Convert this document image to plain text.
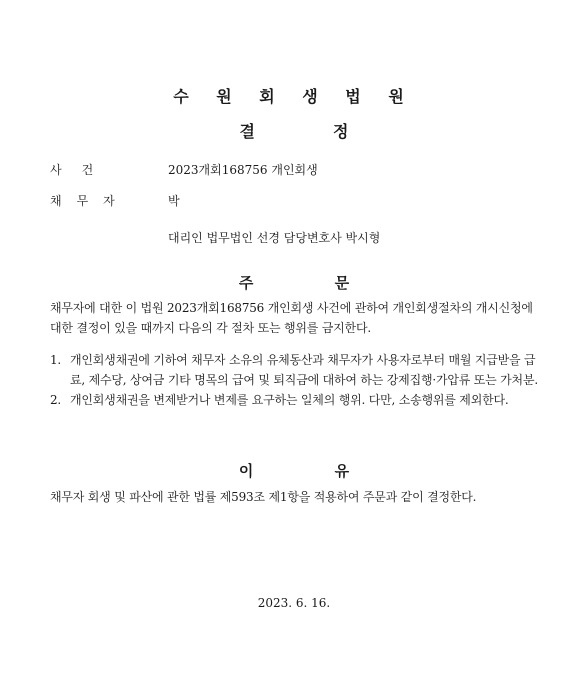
수 원 회 생 법 원
결정
사건	2023개회168756 개인회생
채무자	박
대리인 법무법인 선경 담당변호사 박시형
주 문
채무자에 대한 이 법원 2023개회168756 개인회생 사건에 관하여 개인회생절차의 개시신청에 대한 결정이 있을 때까지 다음의 각 절차 또는 행위를 금지한다.
1. 개인회생채권에 기하여 채무자 소유의 유체동산과 채무자가 사용자로부터 매월 지급받을 급료, 제수당, 상여금 기타 명목의 급여 및 퇴직금에 대하여 하는 강제집행·가압류 또는 가처분.
2. 개인회생채권을 변제받거나 변제를 요구하는 일체의 행위. 다만, 소송행위를 제외한다.
이 유
채무자 회생 및 파산에 관한 법률 제593조 제1항을 적용하여 주문과 같이 결정한다.
2023. 6. 16.
